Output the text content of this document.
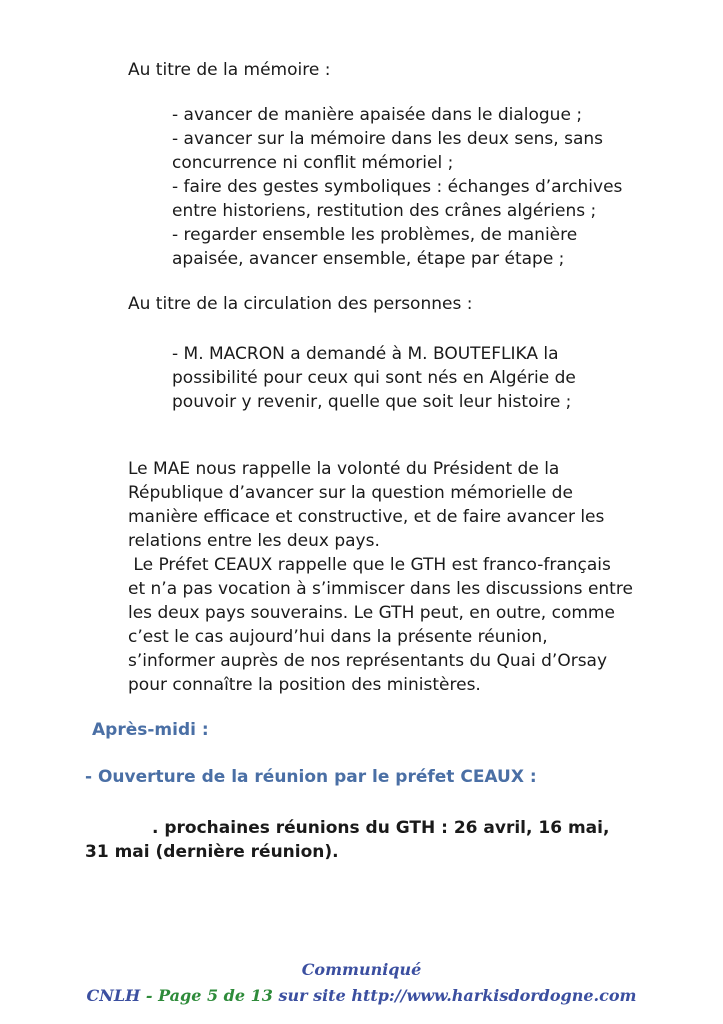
Au titre de la mémoire :
- avancer de manière apaisée dans le dialogue ;
- avancer sur la mémoire dans les deux sens, sans
concurrence ni conflit mémoriel ;
- faire des gestes symboliques : échanges d’archives
entre historiens, restitution des crânes algériens ;
- regarder ensemble les problèmes, de manière
apaisée, avancer ensemble, étape par étape ;
Au titre de la circulation des personnes :
- M. MACRON a demandé à M. BOUTEFLIKA la
possibilité pour ceux qui sont nés en Algérie de
pouvoir y revenir, quelle que soit leur histoire ;
Le MAE nous rappelle la volonté du Président de la
République d’avancer sur la question mémorielle de
manière efficace et constructive, et de faire avancer les
relations entre les deux pays.
Le Préfet CEAUX rappelle que le GTH est franco-français
et n’a pas vocation à s’immiscer dans les discussions entre
les deux pays souverains. Le GTH peut, en outre, comme
c’est le cas aujourd’hui dans la présente réunion,
s’informer auprès de nos représentants du Quai d’Orsay
pour connaître la position des ministères.
Après-midi :
- Ouverture de la réunion par le préfet CEAUX :
. prochaines réunions du GTH : 26 avril, 16 mai,
31 mai (dernière réunion).
Communiqué
CNLH - Page 5 de 13 sur site http://www.harkisdordogne.com
